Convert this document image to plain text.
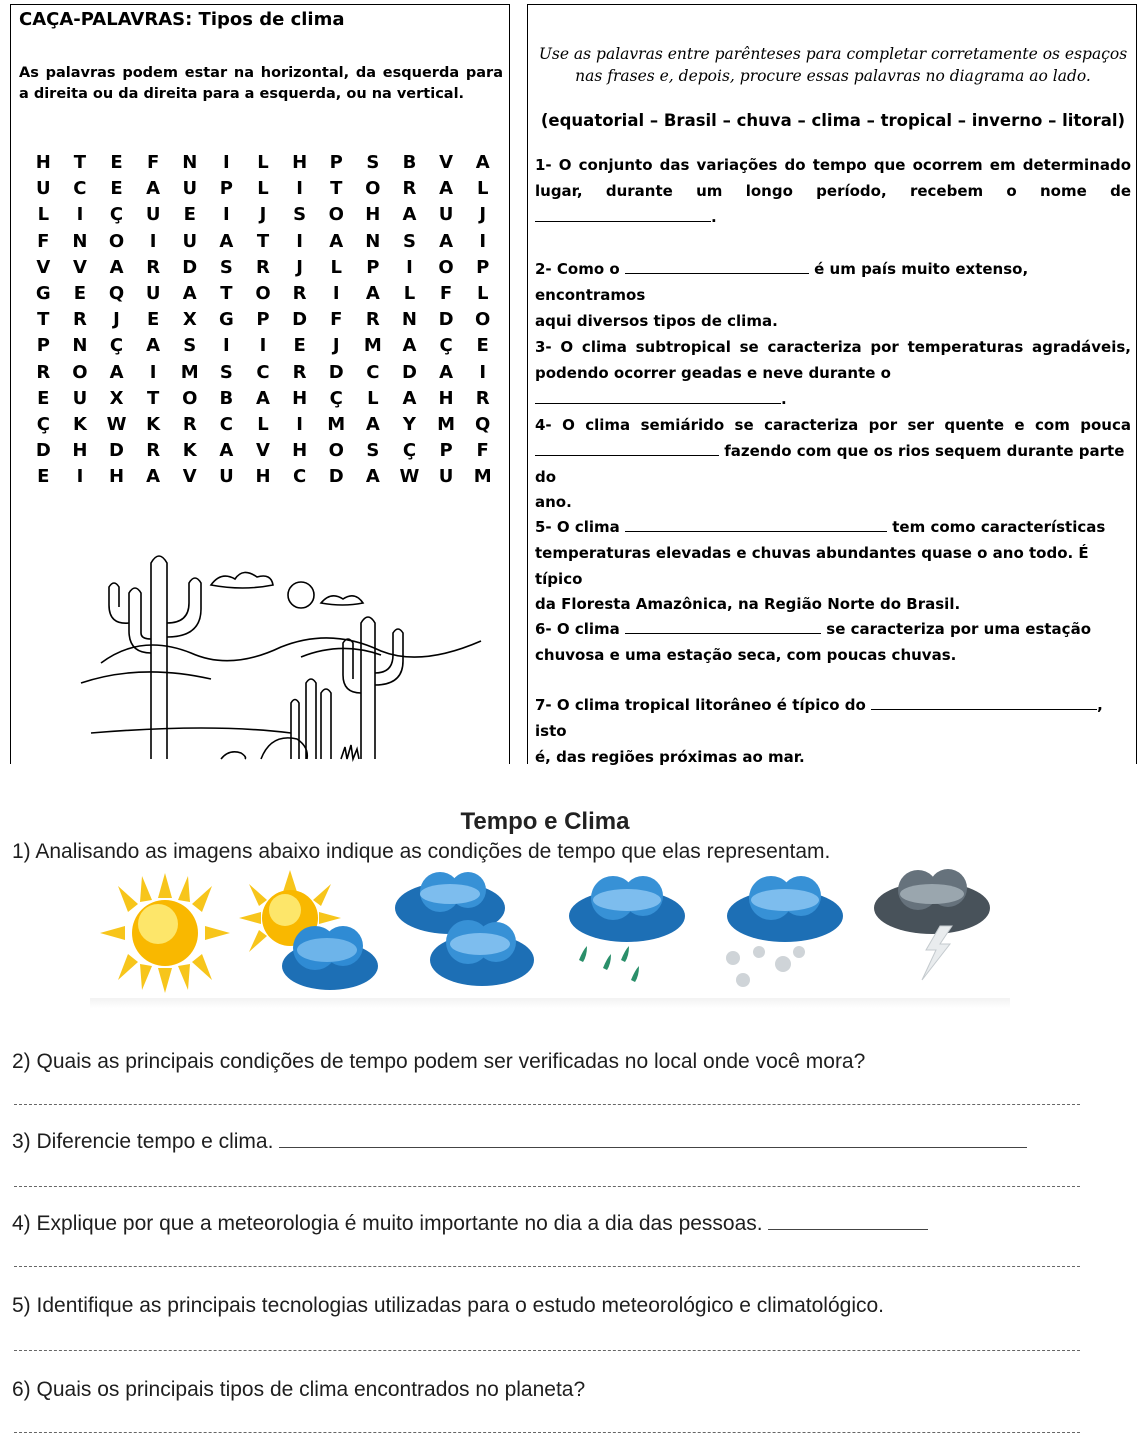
CAÇA-PALAVRAS: Tipos de clima
As palavras podem estar na horizontal, da esquerda para a direita ou da direita para a esquerda, ou na vertical.
H	T	E	F	N	I	L	H	P	S	B	V	A
U	C	E	A	U	P	L	I	T	O	R	A	L
L	I	Ç	U	E	I	J	S	O	H	A	U	J
F	N	O	I	U	A	T	I	A	N	S	A	I
V	V	A	R	D	S	R	J	L	P	I	O	P
G	E	Q	U	A	T	O	R	I	A	L	F	L
T	R	J	E	X	G	P	D	F	R	N	D	O
P	N	Ç	A	S	I	I	E	J	M	A	Ç	E
R	O	A	I	M	S	C	R	D	C	D	A	I
E	U	X	T	O	B	A	H	Ç	L	A	H	R
Ç	K	W	K	R	C	L	I	M	A	Y	M	Q
D	H	D	R	K	A	V	H	O	S	Ç	P	F
E	I	H	A	V	U	H	C	D	A	W	U	M
Use as palavras entre parênteses para completar corretamente os espaços nas frases e, depois, procure essas palavras no diagrama ao lado.
(equatorial – Brasil – chuva – clima – tropical – inverno – litoral)
1- O conjunto das variações do tempo que ocorrem em determinado
lugar, durante um longo período, recebem o nome de
.
2- Como o	é um país muito extenso, encontramos
aqui diversos tipos de clima.
3- O clima subtropical se caracteriza por temperaturas agradáveis,
podendo ocorrer geadas e neve durante o .
4- O clima semiárido se caracteriza por ser quente e com pouca
fazendo com que os rios sequem durante parte do
ano.
5- O clima	tem como características
temperaturas elevadas e chuvas abundantes quase o ano todo. É típico
da Floresta Amazônica, na Região Norte do Brasil.
6- O clima	se caracteriza por uma estação
chuvosa e uma estação seca, com poucas chuvas.
7- O clima tropical litorâneo é típico do	, isto
é, das regiões próximas ao mar.
Tempo e Clima
1) Analisando as imagens abaixo indique as condições de tempo que elas representam.
2) Quais as principais condições de tempo podem ser verificadas no local onde você mora?
3) Diferencie tempo e clima.
4) Explique por que a meteorologia é muito importante no dia a dia das pessoas.
5) Identifique as principais tecnologias utilizadas para o estudo meteorológico e climatológico.
6) Quais os principais tipos de clima encontrados no planeta?
